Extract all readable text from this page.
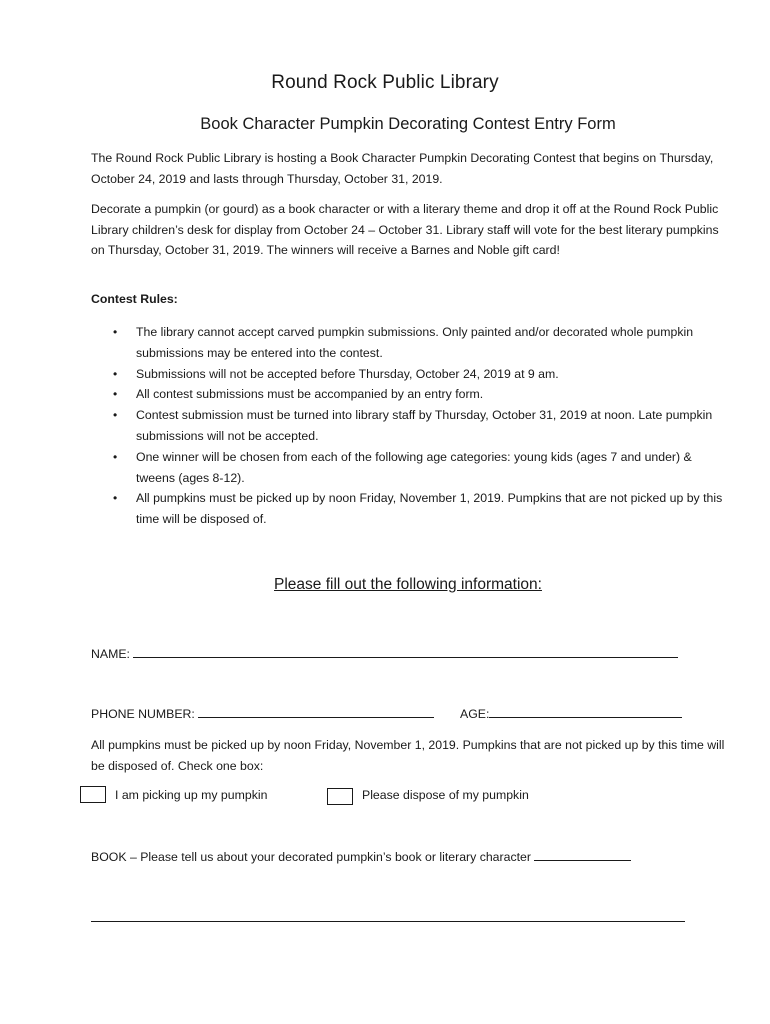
Round Rock Public Library
Book Character Pumpkin Decorating Contest Entry Form
The Round Rock Public Library is hosting a Book Character Pumpkin Decorating Contest that begins on Thursday, October 24, 2019 and lasts through Thursday, October 31, 2019.
Decorate a pumpkin (or gourd) as a book character or with a literary theme and drop it off at the Round Rock Public Library children’s desk for display from October 24 – October 31. Library staff will vote for the best literary pumpkins on Thursday, October 31, 2019. The winners will receive a Barnes and Noble gift card!
Contest Rules:
• The library cannot accept carved pumpkin submissions. Only painted and/or decorated whole pumpkin submissions may be entered into the contest.
• Submissions will not be accepted before Thursday, October 24, 2019 at 9 am.
• All contest submissions must be accompanied by an entry form.
• Contest submission must be turned into library staff by Thursday, October 31, 2019 at noon. Late pumpkin submissions will not be accepted.
• One winner will be chosen from each of the following age categories: young kids (ages 7 and under) & tweens (ages 8-12).
• All pumpkins must be picked up by noon Friday, November 1, 2019. Pumpkins that are not picked up by this time will be disposed of.
Please fill out the following information:
NAME:
PHONE NUMBER:	AGE:
All pumpkins must be picked up by noon Friday, November 1, 2019. Pumpkins that are not picked up by this time will be disposed of. Check one box:
I am picking up my pumpkin	Please dispose of my pumpkin
BOOK – Please tell us about your decorated pumpkin’s book or literary character
